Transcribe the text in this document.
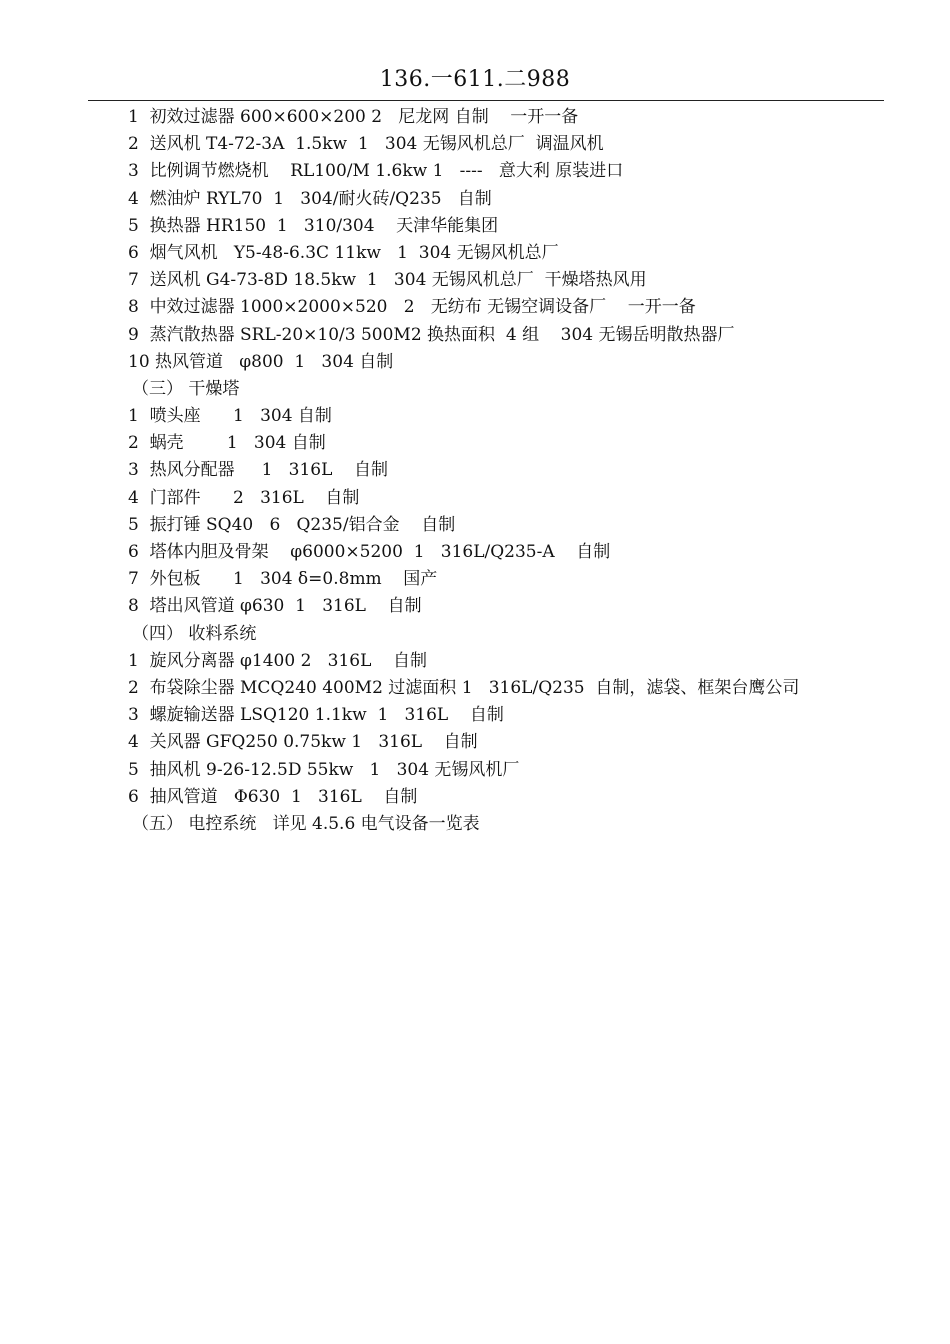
136.一611.二988
1  初效过滤器 600×600×200 2   尼龙网 自制    一开一备
2  送风机 T4-72-3A  1.5kw  1   304 无锡风机总厂  调温风机
3  比例调节燃烧机    RL100/M 1.6kw 1   ----   意大利 原装进口
4  燃油炉 RYL70  1   304/耐火砖/Q235   自制
5  换热器 HR150  1   310/304    天津华能集团
6  烟气风机   Y5-48-6.3C 11kw   1  304 无锡风机总厂
7  送风机 G4-73-8D 18.5kw  1   304 无锡风机总厂  干燥塔热风用
8  中效过滤器 1000×2000×520   2   无纺布 无锡空调设备厂    一开一备
9  蒸汽散热器 SRL-20×10/3 500M2 换热面积  4 组    304 无锡岳明散热器厂
10 热风管道   φ800  1   304 自制
（三） 干燥塔
1  喷头座      1   304 自制
2  蜗壳        1   304 自制
3  热风分配器     1   316L    自制
4  门部件      2   316L    自制
5  振打锤 SQ40   6   Q235/铝合金    自制
6  塔体内胆及骨架    φ6000×5200  1   316L/Q235-A    自制
7  外包板      1   304 δ=0.8mm    国产
8  塔出风管道 φ630  1   316L    自制
（四） 收料系统
1  旋风分离器 φ1400 2   316L    自制
2  布袋除尘器 MCQ240 400M2 过滤面积 1   316L/Q235  自制，滤袋、框架台鹰公司
3  螺旋输送器 LSQ120 1.1kw  1   316L    自制
4  关风器 GFQ250 0.75kw 1   316L    自制
5  抽风机 9-26-12.5D 55kw   1   304 无锡风机厂
6  抽风管道   Φ630  1   316L    自制
（五） 电控系统   详见 4.5.6 电气设备一览表
